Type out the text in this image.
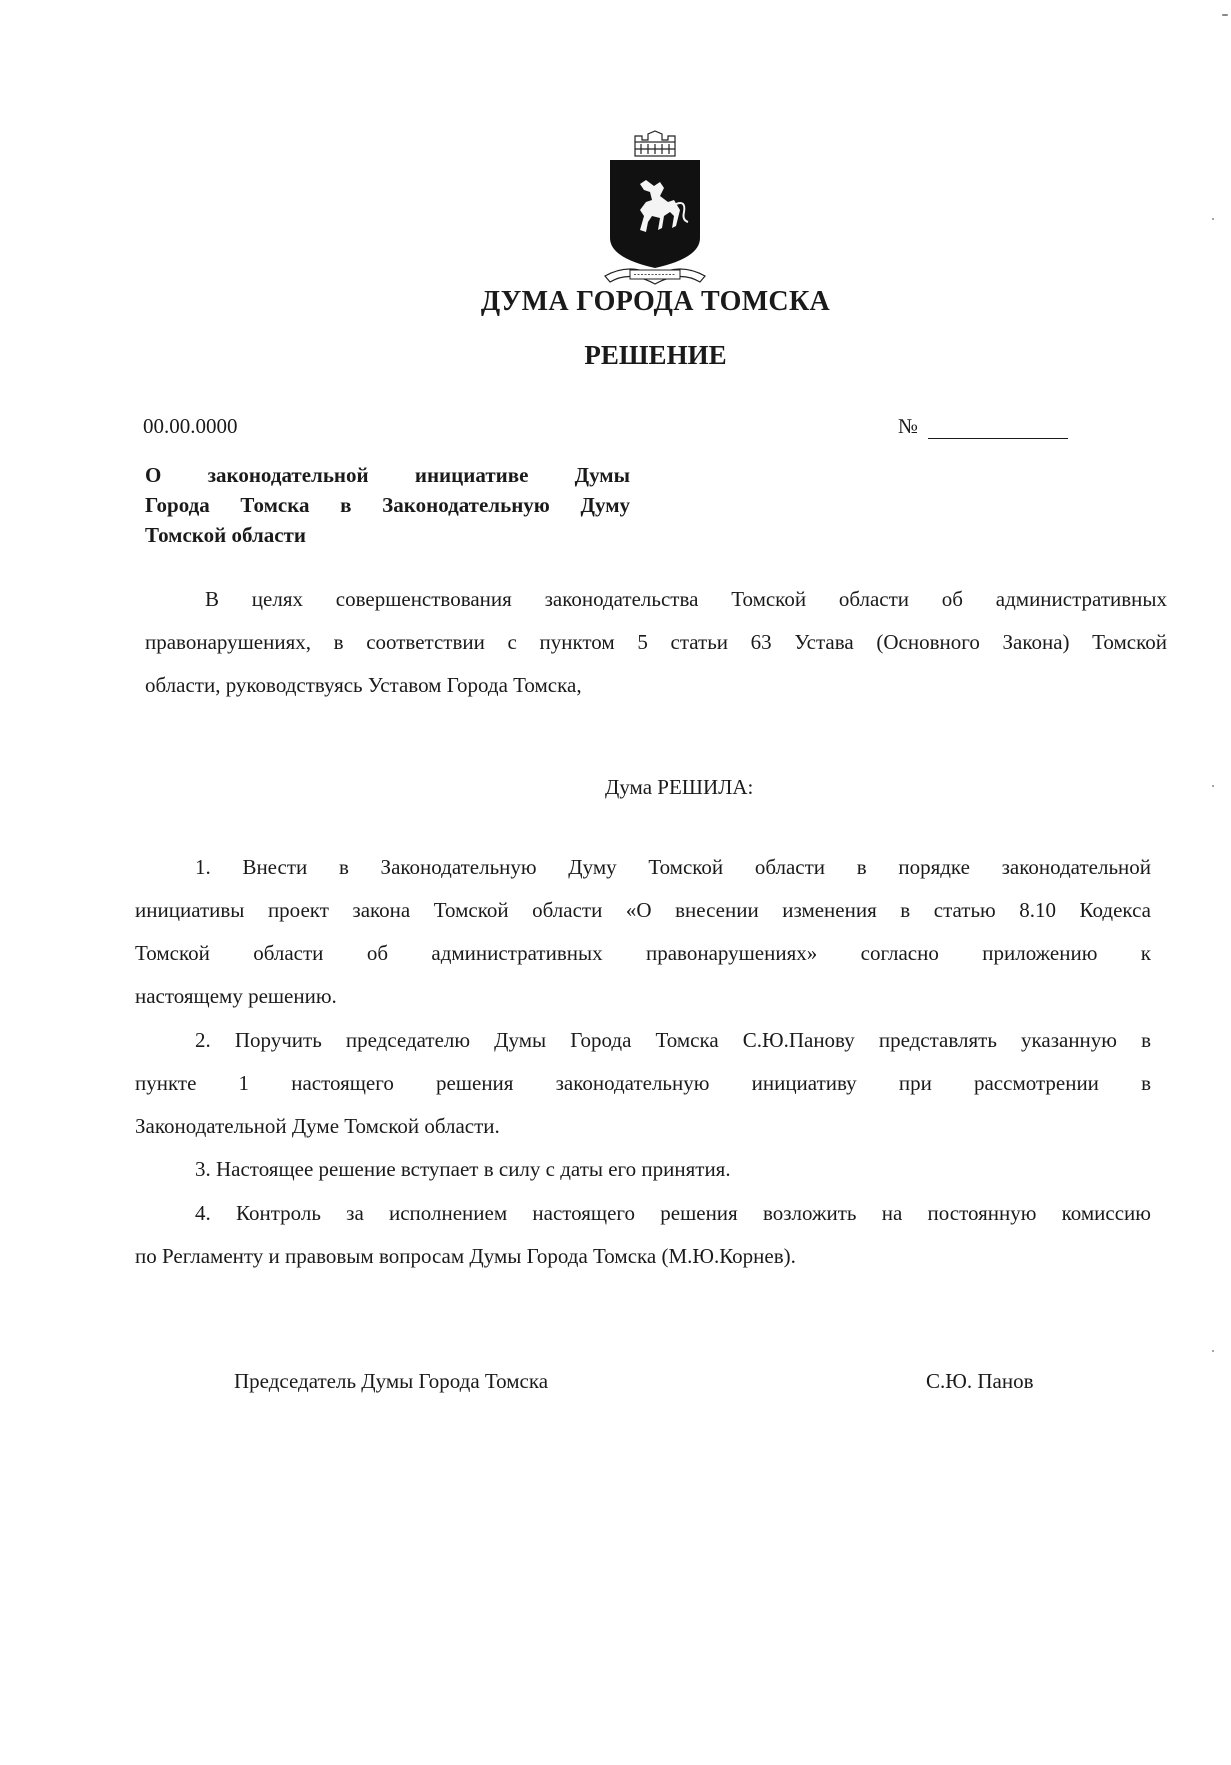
ДУМА ГОРОДА ТОМСКА
РЕШЕНИЕ
00.00.0000	№
О законодательной инициативе Думы
Города Томска в Законодательную Думу
Томской области
В целях совершенствования законодательства Томской области об административных
правонарушениях, в соответствии с пунктом 5 статьи 63 Устава (Основного Закона) Томской
области, руководствуясь Уставом Города Томска,
Дума РЕШИЛА:
1. Внести в Законодательную Думу Томской области в порядке законодательной
инициативы проект закона Томской области «О внесении изменения в статью 8.10 Кодекса
Томской области об административных правонарушениях» согласно приложению к
настоящему решению.
2. Поручить председателю Думы Города Томска С.Ю.Панову представлять указанную в
пункте 1 настоящего решения законодательную инициативу при рассмотрении в
Законодательной Думе Томской области.
3. Настоящее решение вступает в силу с даты его принятия.
4. Контроль за исполнением настоящего решения возложить на постоянную комиссию
по Регламенту и правовым вопросам Думы Города Томска (М.Ю.Корнев).
Председатель Думы Города Томска	С.Ю. Панов
